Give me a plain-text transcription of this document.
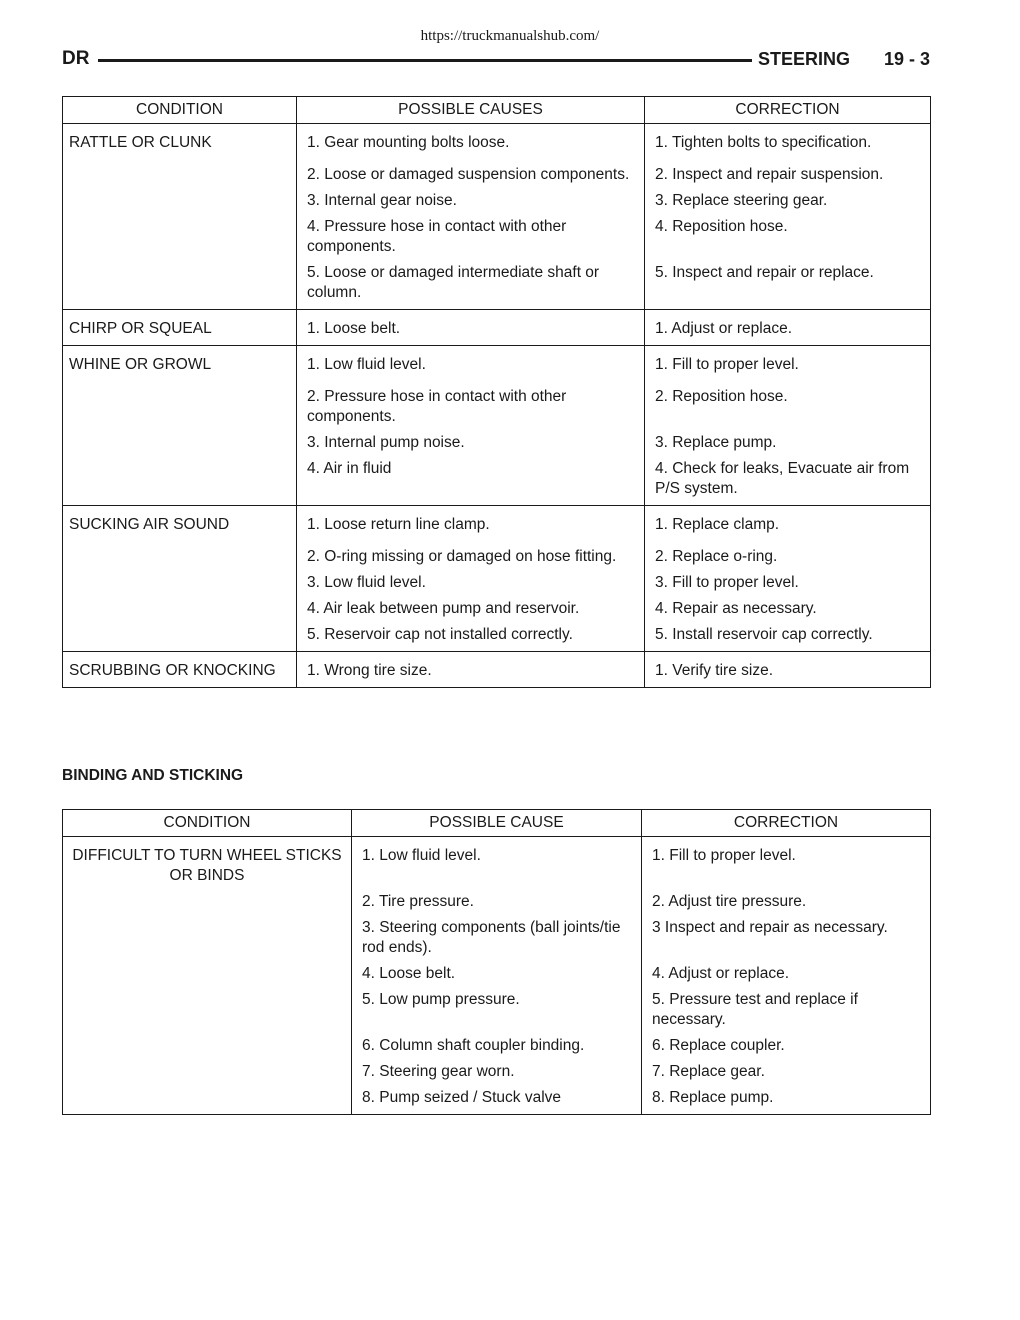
https://truckmanualshub.com/
DR	STEERING 19 - 3
CONDITION	POSSIBLE CAUSES	CORRECTION
RATTLE OR CLUNK	1. Gear mounting bolts loose.	1. Tighten bolts to specification.
	2. Loose or damaged suspension components.	2. Inspect and repair suspension.
	3. Internal gear noise.	3. Replace steering gear.
	4. Pressure hose in contact with other components.	4. Reposition hose.
	5. Loose or damaged intermediate shaft or column.	5. Inspect and repair or replace.
CHIRP OR SQUEAL	1. Loose belt.	1. Adjust or replace.
WHINE OR GROWL	1. Low fluid level.	1. Fill to proper level.
	2. Pressure hose in contact with other components.	2. Reposition hose.
	3. Internal pump noise.	3. Replace pump.
	4. Air in fluid	4. Check for leaks, Evacuate air from P/S system.
SUCKING AIR SOUND	1. Loose return line clamp.	1. Replace clamp.
	2. O-ring missing or damaged on hose fitting.	2. Replace o-ring.
	3. Low fluid level.	3. Fill to proper level.
	4. Air leak between pump and reservoir.	4. Repair as necessary.
	5. Reservoir cap not installed correctly.	5. Install reservoir cap correctly.
SCRUBBING OR KNOCKING	1. Wrong tire size.	1. Verify tire size.
BINDING AND STICKING
CONDITION	POSSIBLE CAUSE	CORRECTION
DIFFICULT TO TURN WHEEL STICKS OR BINDS	1. Low fluid level.	1. Fill to proper level.
	2. Tire pressure.	2. Adjust tire pressure.
	3. Steering components (ball joints/tie rod ends).	3 Inspect and repair as necessary.
	4. Loose belt.	4. Adjust or replace.
	5. Low pump pressure.	5. Pressure test and replace if necessary.
	6. Column shaft coupler binding.	6. Replace coupler.
	7. Steering gear worn.	7. Replace gear.
	8. Pump seized / Stuck valve	8. Replace pump.
